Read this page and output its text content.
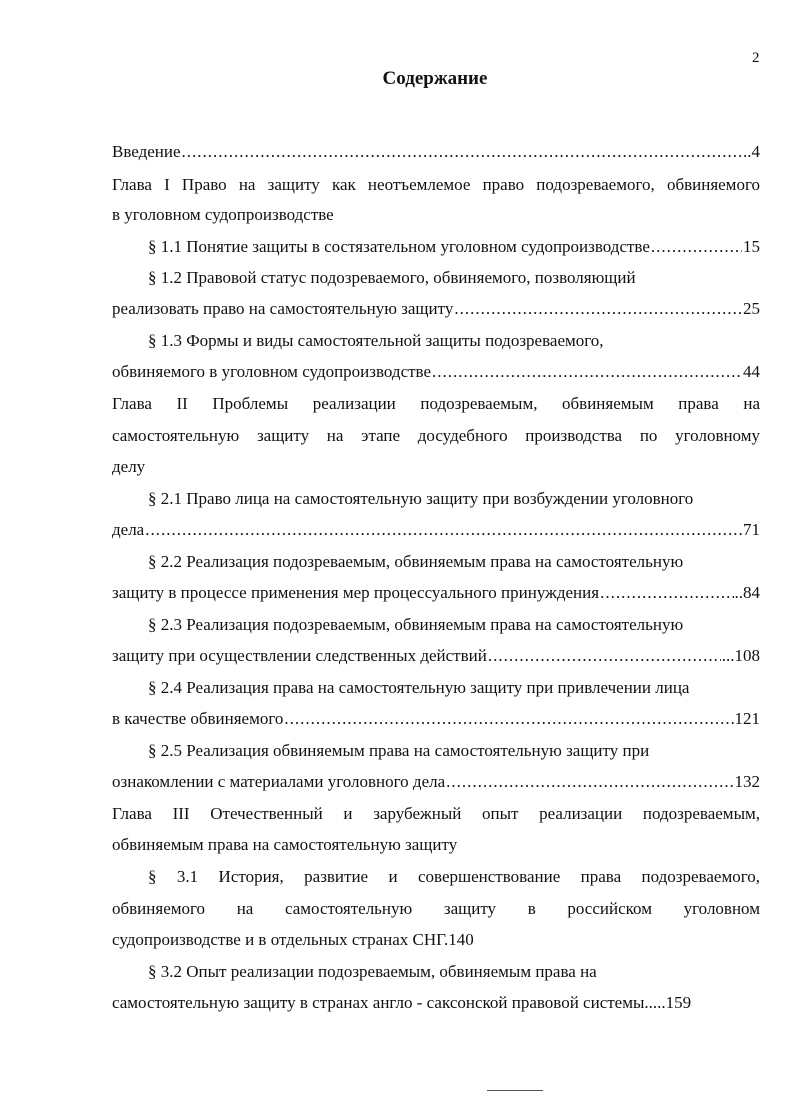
2
Содержание
Введение .....	..4
Глава I Право на защиту как неотъемлемое право подозреваемого, обвиняемого
в уголовном судопроизводстве
§ 1.1 Понятие защиты в состязательном уголовном судопроизводстве .....	15
§ 1.2 Правовой статус подозреваемого, обвиняемого, позволяющий
реализовать право на самостоятельную защиту .....	25
§ 1.3 Формы и виды самостоятельной защиты подозреваемого,
обвиняемого в уголовном судопроизводстве .....	44
Глава II Проблемы реализации подозреваемым, обвиняемым права на
самостоятельную защиту на этапе досудебного производства по уголовному
делу
§ 2.1 Право лица на самостоятельную защиту при возбуждении уголовного
дела .....	71
§ 2.2 Реализация подозреваемым, обвиняемым права на самостоятельную
защиту в процессе применения мер процессуального принуждения .....	..84
§ 2.3 Реализация подозреваемым, обвиняемым права на самостоятельную
защиту при осуществлении следственных действий .....	...108
§ 2.4 Реализация права на самостоятельную защиту при привлечении лица
в качестве обвиняемого .....	121
§ 2.5 Реализация обвиняемым права на самостоятельную защиту при
ознакомлении с материалами уголовного дела .....	132
Глава III Отечественный и зарубежный опыт реализации подозреваемым,
обвиняемым права на самостоятельную защиту
§ 3.1 История, развитие и совершенствование права подозреваемого,
обвиняемого на самостоятельную защиту в российском уголовном
судопроизводстве и в отдельных странах СНГ.140
§ 3.2 Опыт реализации подозреваемым, обвиняемым права на
самостоятельную защиту в странах англо - саксонской правовой системы.....159
